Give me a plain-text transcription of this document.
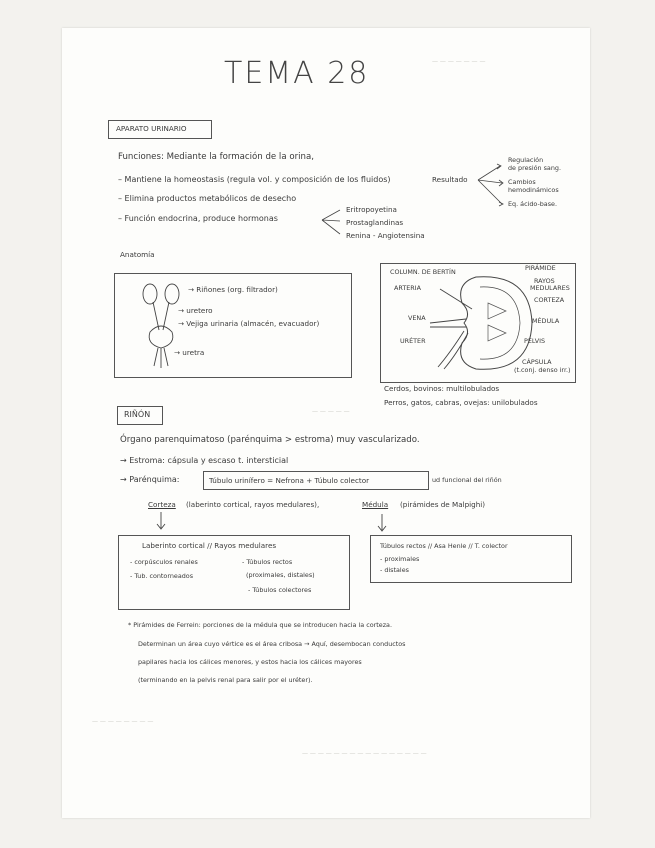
— — — — — — —
— — — — —
— — — — — — — —
— — — — — — — — — — — — — — — —
TEMA 28
APARATO URINARIO
Funciones: Mediante la formación de la orina,
– Mantiene la homeostasis (regula vol. y composición de los fluidos)	Resultado
Regulación
de presión sang.
Cambios
hemodinámicos
Eq. ácido-base.
– Elimina productos metabólicos de desecho
– Función endocrina, produce hormonas
Eritropoyetina
Prostaglandinas
Renina - Angiotensina
Anatomía
→ Riñones (org. filtrador)
→ uretero
→ Vejiga urinaria (almacén, evacuador)
→ uretra
COLUMN. DE BERTÍN	PIRÁMIDE
ARTERIA
RAYOS
MEDULARES
CORTEZA
VENA	MÉDULA
PELVIS
URÉTER
CÁPSULA
(t.conj. denso irr.)
Cerdos, bovinos: multilobulados
Perros, gatos, cabras, ovejas: unilobulados
RIÑÓN
Órgano parenquimatoso (parénquima > estroma) muy vascularizado.
→ Estroma: cápsula y escaso t. intersticial
→ Parénquima:	Túbulo urinífero = Nefrona + Túbulo colector	ud funcional del riñón
Corteza (laberinto cortical, rayos medulares),	Médula (pirámides de Malpighi)
Laberinto cortical // Rayos medulares
- corpúsculos renales
- Tub. contorneados
- Túbulos rectos
(proximales, distales)
- Túbulos colectores
Túbulos rectos // Asa Henle // T. colector
- proximales
- distales
* Pirámides de Ferrein: porciones de la médula que se introducen hacia la corteza.
Determinan un área cuyo vértice es el área cribosa → Aquí, desembocan conductos
papilares hacia los cálices menores, y estos hacia los cálices mayores
(terminando en la pelvis renal para salir por el uréter).
